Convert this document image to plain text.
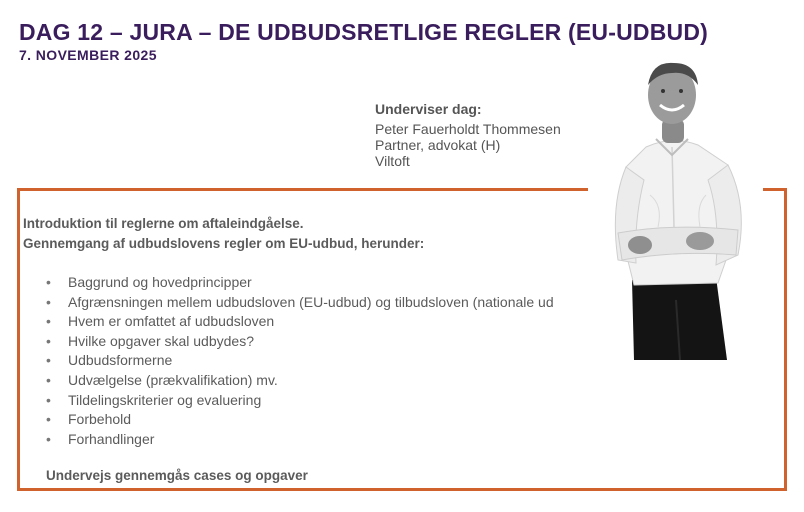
DAG 12 – JURA – DE UDBUDSRETLIGE REGLER (EU-UDBUD)
7. NOVEMBER 2025
Underviser dag:
Peter Fauerholdt Thommesen
Partner, advokat (H)
Viltoft
Introduktion til reglerne om aftaleindgåelse.
Gennemgang af udbudslovens regler om EU-udbud, herunder:
• Baggrund og hovedprincipper
• Afgrænsningen mellem udbudsloven (EU-udbud) og tilbudsloven (nationale ud
• Hvem er omfattet af udbudsloven
• Hvilke opgaver skal udbydes?
• Udbudsformerne
• Udvælgelse (prækvalifikation) mv.
• Tildelingskriterier og evaluering
• Forbehold
• Forhandlinger
Undervejs gennemgås cases og opgaver
